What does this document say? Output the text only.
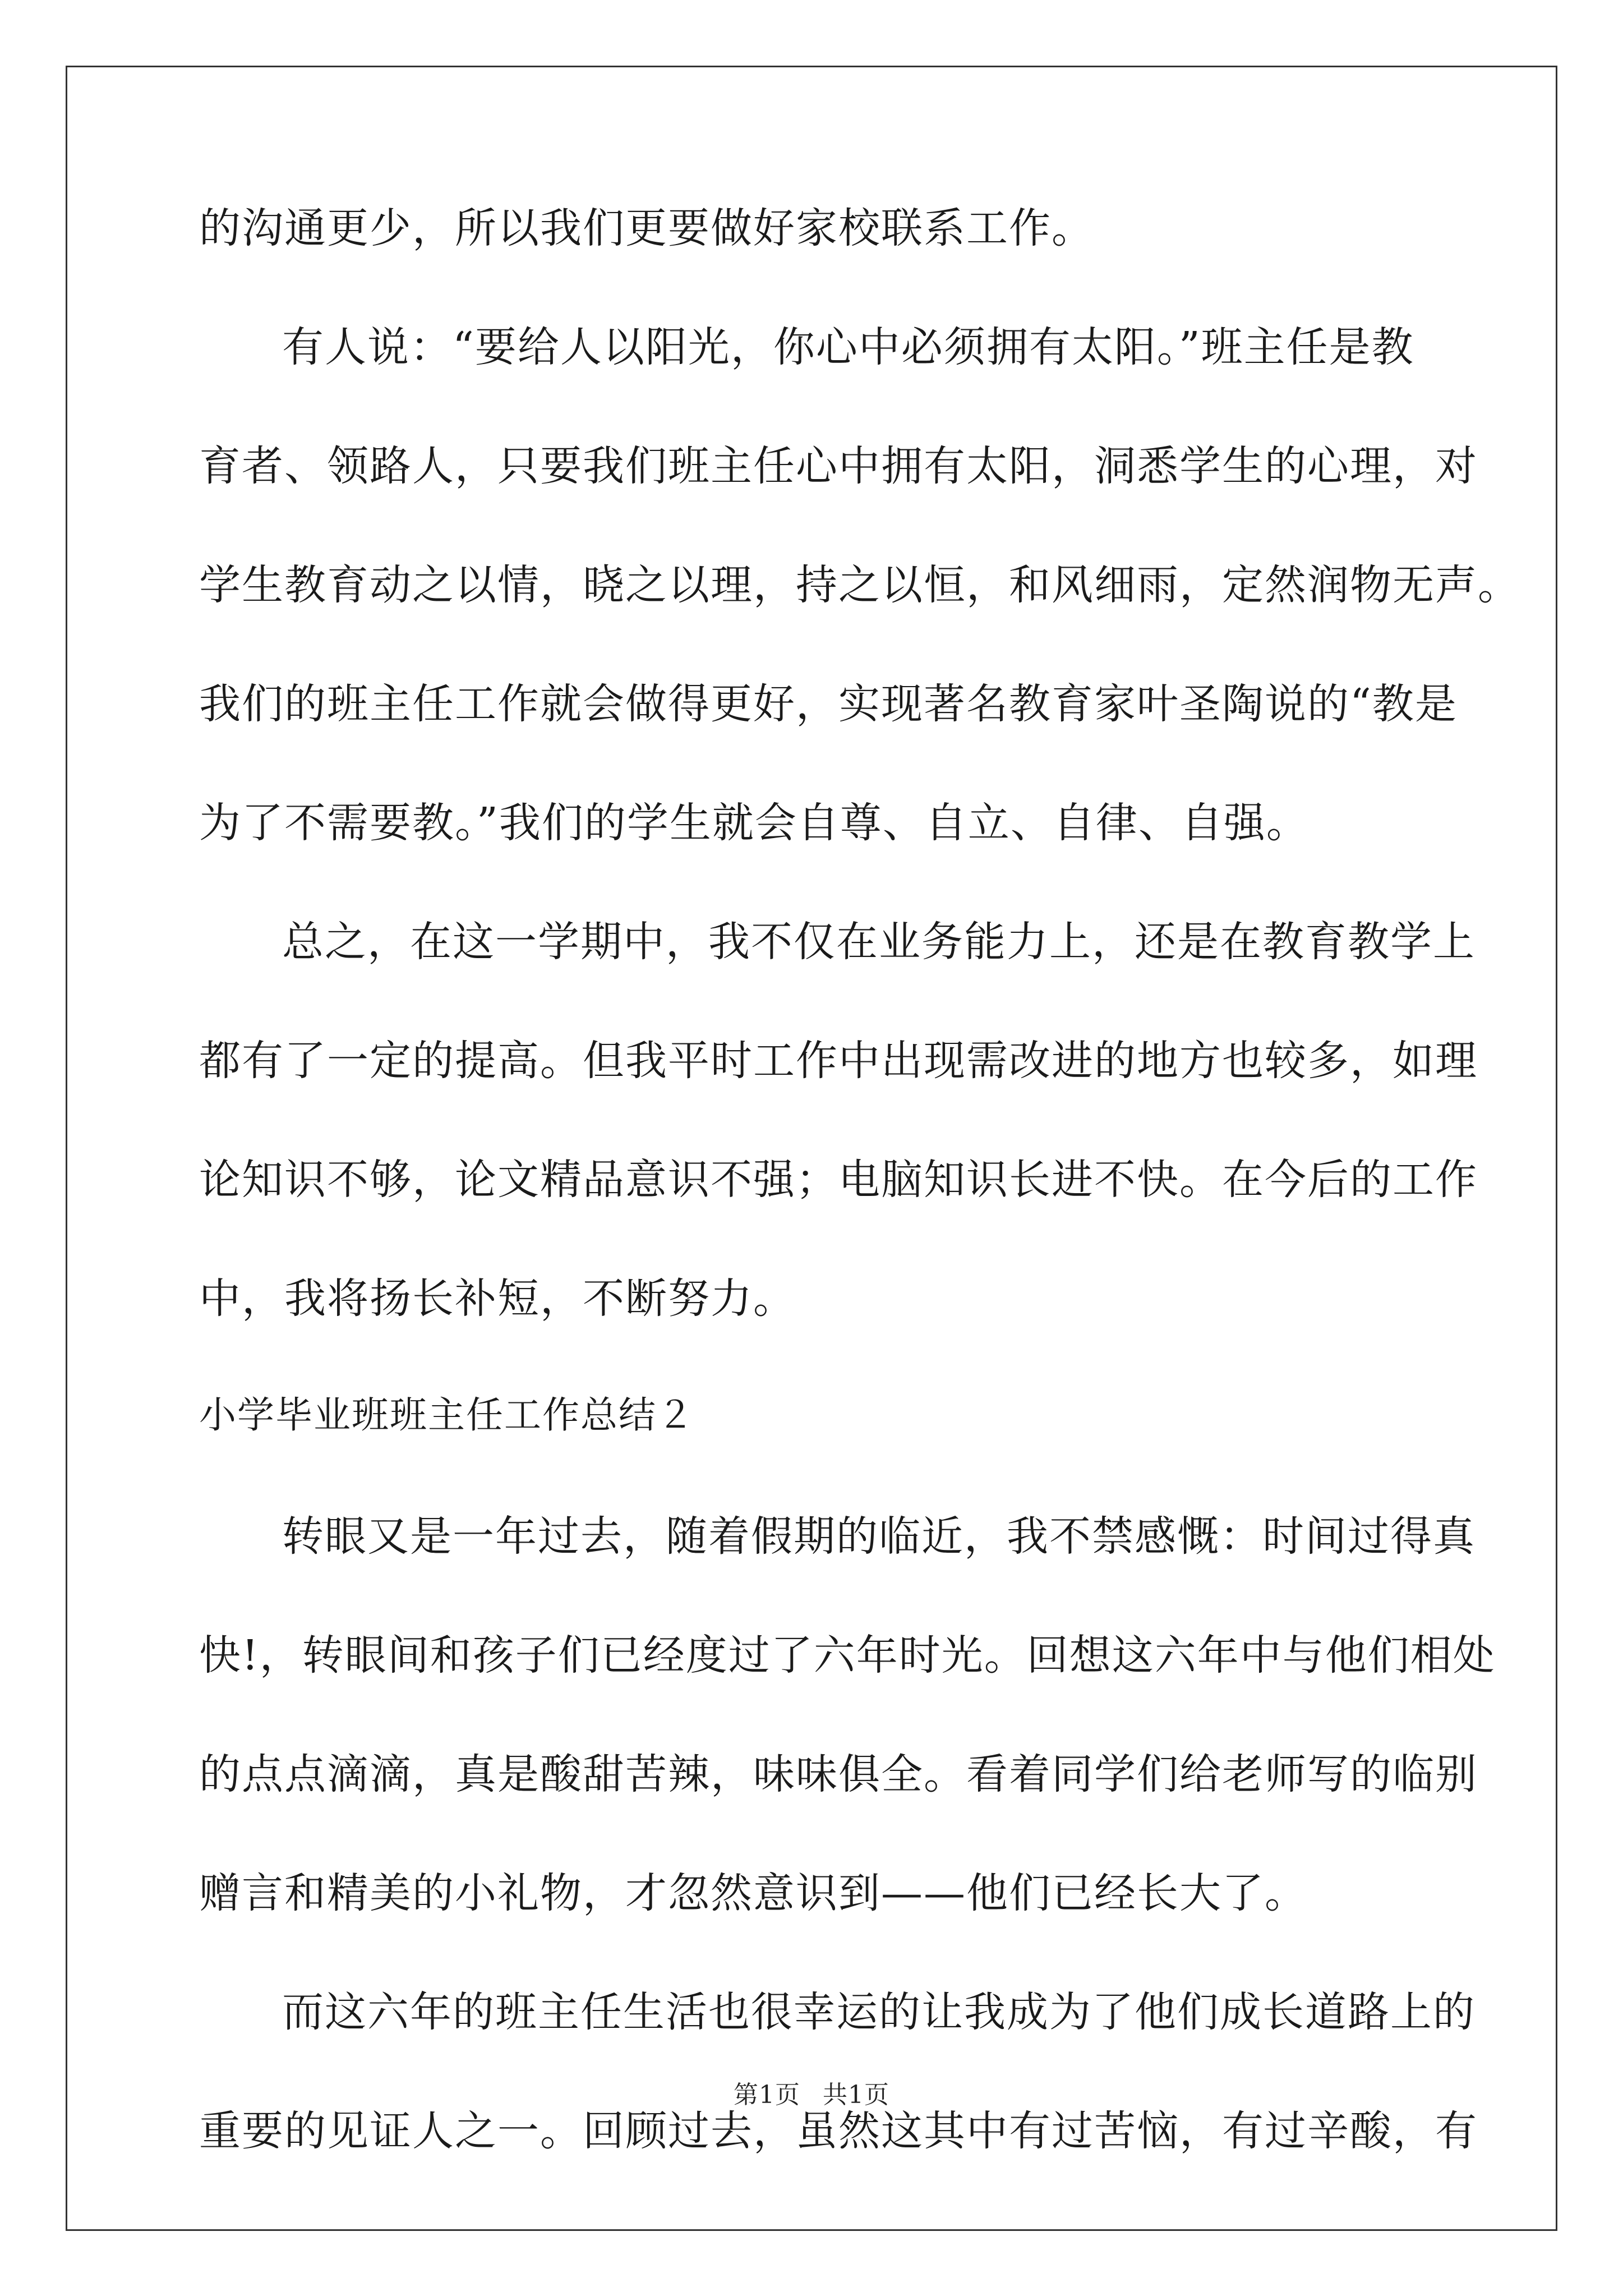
的沟通更少，所以我们更要做好家校联系工作。
有人说：“要给人以阳光，你心中必须拥有太阳。”班主任是教
育者、领路人，只要我们班主任心中拥有太阳，洞悉学生的心理，对
学生教育动之以情，晓之以理，持之以恒，和风细雨，定然润物无声。
我们的班主任工作就会做得更好，实现著名教育家叶圣陶说的“教是
为了不需要教。”我们的学生就会自尊、自立、自律、自强。
总之，在这一学期中，我不仅在业务能力上，还是在教育教学上
都有了一定的提高。但我平时工作中出现需改进的地方也较多，如理
论知识不够，论文精品意识不强；电脑知识长进不快。在今后的工作
中，我将扬长补短，不断努力。
小学毕业班班主任工作总结２
转眼又是一年过去，随着假期的临近，我不禁感慨：时间过得真
快!，转眼间和孩子们已经度过了六年时光。回想这六年中与他们相处
的点点滴滴，真是酸甜苦辣，味味俱全。看着同学们给老师写的临别
赠言和精美的小礼物，才忽然意识到——他们已经长大了。
而这六年的班主任生活也很幸运的让我成为了他们成长道路上的
重要的见证人之一。回顾过去，虽然这其中有过苦恼，有过辛酸，有
第1页 共1页
